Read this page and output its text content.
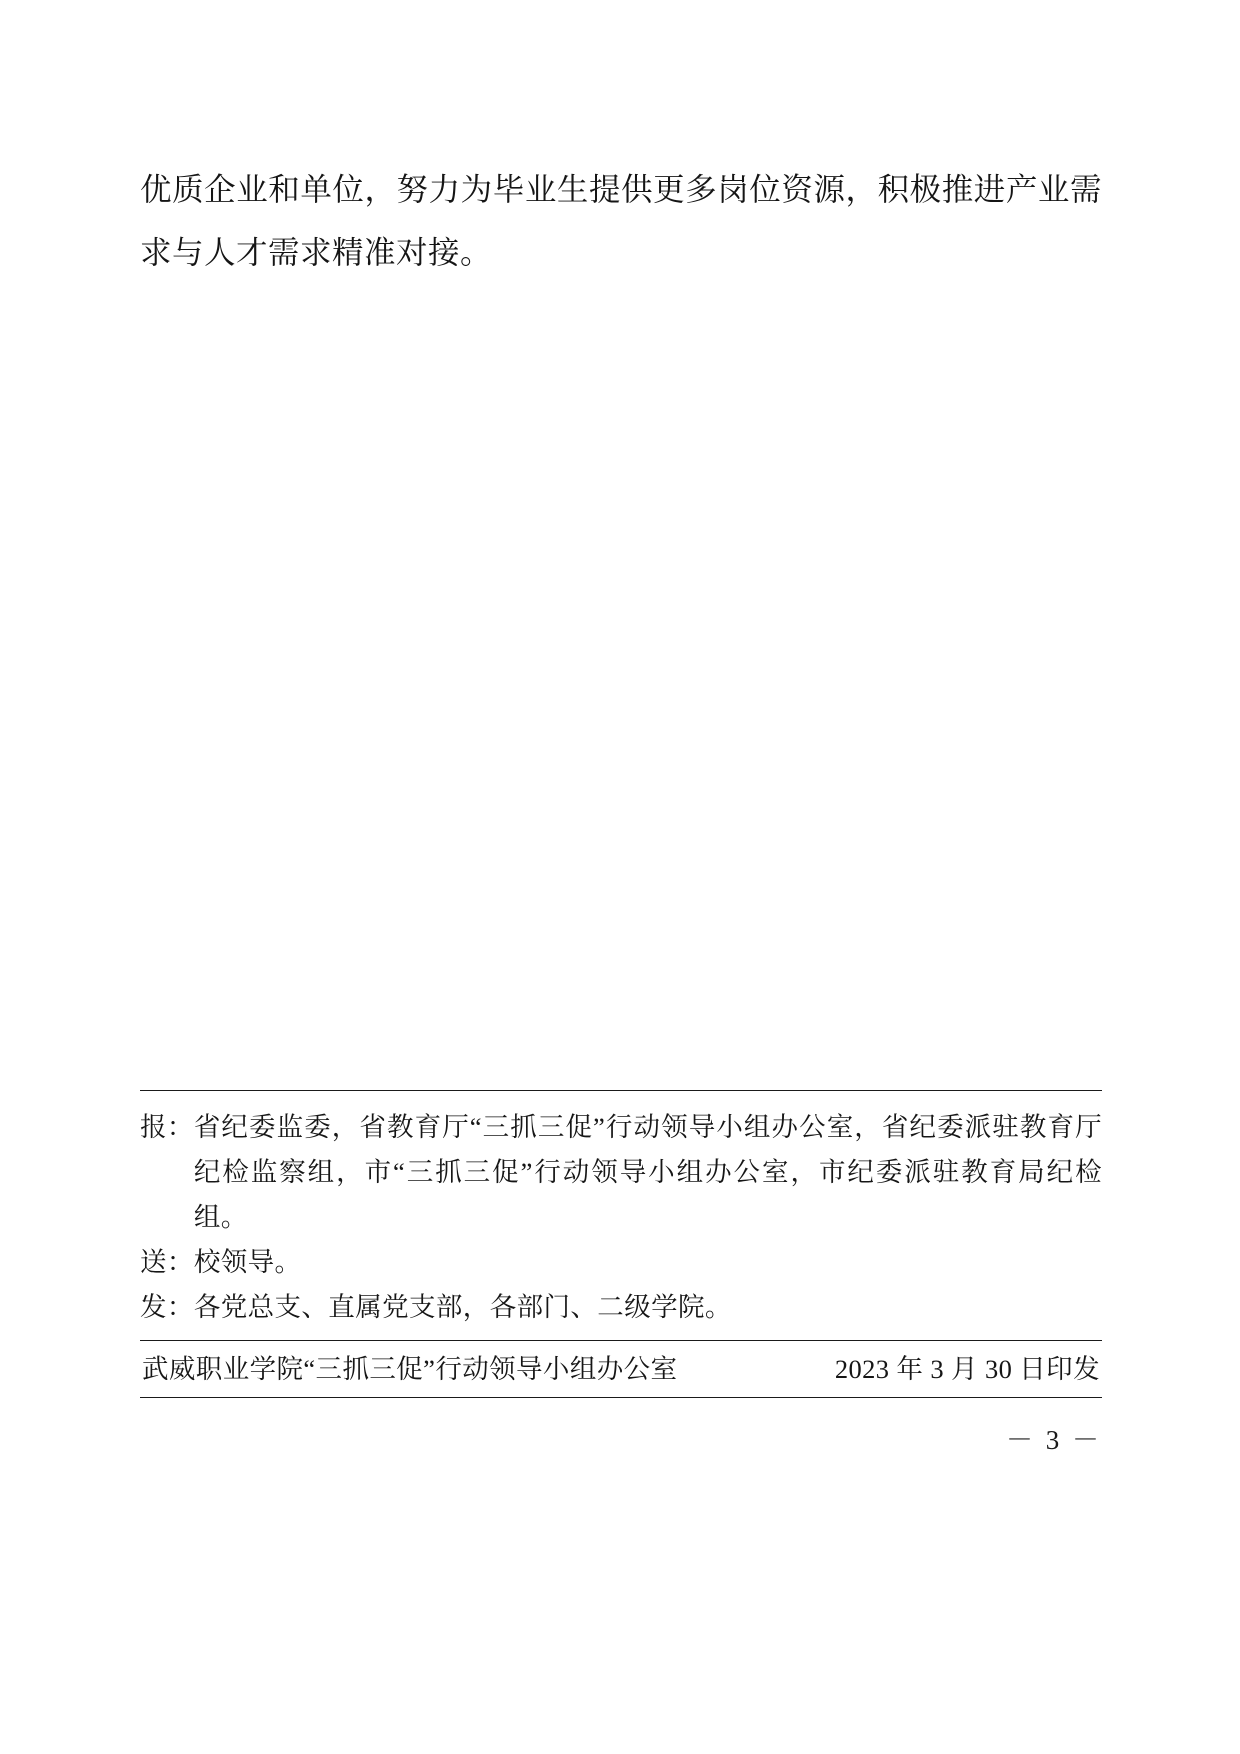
优质企业和单位，努力为毕业生提供更多岗位资源，积极推进产业需求与人才需求精准对接。

报： 省纪委监委，省教育厅“三抓三促”行动领导小组办公室，省纪委派驻教育厅纪检监察组，市“三抓三促”行动领导小组办公室，市纪委派驻教育局纪检组。
送： 校领导。
发： 各党总支、直属党支部，各部门、二级学院。
武威职业学院“三抓三促”行动领导小组办公室	2023 年 3 月 30 日印发
－ 3 －
